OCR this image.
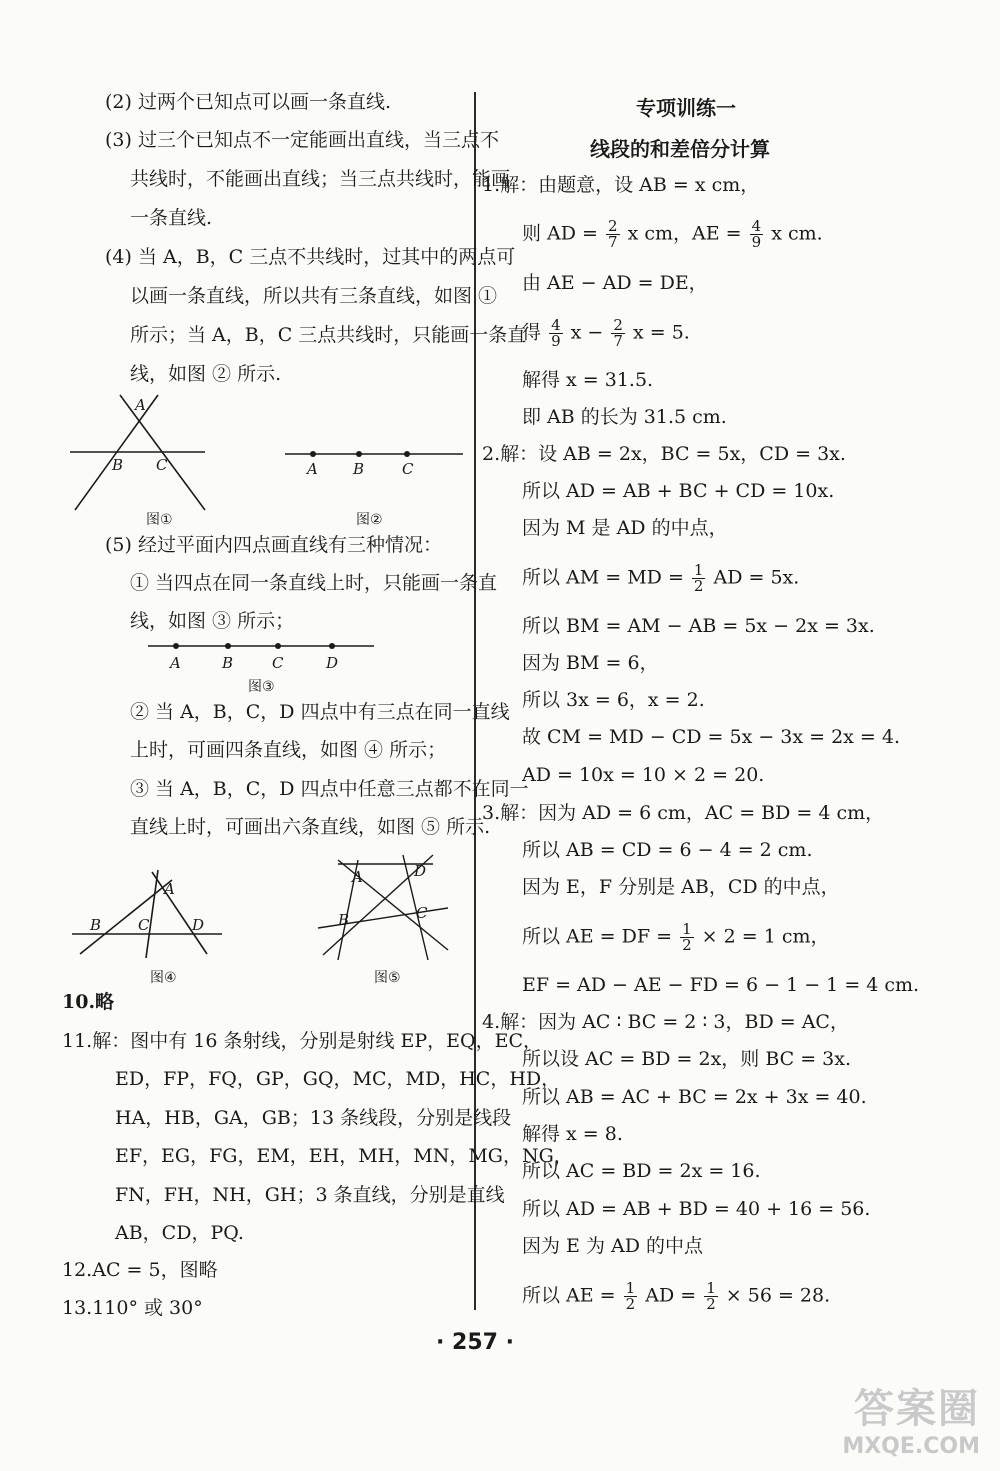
(2) 过两个已知点可以画一条直线.
(3) 过三个已知点不一定能画出直线，当三点不
共线时，不能画出直线；当三点共线时，能画
一条直线.
(4) 当 A，B，C 三点不共线时，过其中的两点可
以画一条直线，所以共有三条直线，如图 ①
所示；当 A，B，C 三点共线时，只能画一条直
线，如图 ② 所示.
A
B C
图①
A B	C
图②
(5) 经过平面内四点画直线有三种情况：
① 当四点在同一条直线上时，只能画一条直
线，如图 ③ 所示；
A	B	C	D
图③
② 当 A，B，C，D 四点中有三点在同一直线
上时，可画四条直线，如图 ④ 所示；
③ 当 A，B，C，D 四点中任意三点都不在同一
直线上时，可画出六条直线，如图 ⑤ 所示.
A
B C	D
图④
A	D
B	C
图⑤
10.略
11.解：图中有 16 条射线，分别是射线 EP，EQ，EC，
ED，FP，FQ，GP，GQ，MC，MD，HC，HD，
HA，HB，GA，GB；13 条线段，分别是线段
EF，EG，FG，EM，EH，MH，MN，MG，NG，
FN，FH，NH，GH；3 条直线，分别是直线
AB，CD，PQ.
12.AC = 5，图略
13.110° 或 30°
专项训练一
线段的和差倍分计算
1.解：由题意，设 AB = x cm，
则 AD = $\frac{2}{7}$ x cm，AE = $\frac{4}{9}$ x cm.
由 AE − AD = DE，
得 $\frac{4}{9}$ $x - \frac{2}{7}$ x = 5.
解得 x = 31.5.
即 AB 的长为 31.5 cm.
2.解：设 AB = 2x，BC = 5x，CD = 3x.
所以 AD = AB + BC + CD = 10x.
因为 M 是 AD 的中点，
所以 AM = MD = $\frac{1}{2}$ AD = 5x.
所以 BM = AM − AB = 5x − 2x = 3x.
因为 BM = 6，
所以 3x = 6，x = 2.
故 CM = MD − CD = 5x − 3x = 2x = 4.
AD = 10x = 10 × 2 = 20.
3.解：因为 AD = 6 cm，AC = BD = 4 cm，
所以 AB = CD = 6 − 4 = 2 cm.
因为 E，F 分别是 AB，CD 的中点，
所以 AE = DF = $\frac{1}{2} \times 2 = 1$ cm，
EF = AD − AE − FD = 6 − 1 − 1 = 4 cm.
4.解：因为 AC ∶ BC = 2 ∶ 3，BD = AC，
所以设 AC = BD = 2x，则 BC = 3x.
所以 AB = AC + BC = 2x + 3x = 40.
解得 x = 8.
所以 AC = BD = 2x = 16.
所以 AD = AB + BD = 40 + 16 = 56.
因为 E 为 AD 的中点
所以 AE = $\frac{1}{2}$ AD = $\frac{1}{2} \times 56 = 28$.
· 257 ·
答案圈
MXQE.COM
